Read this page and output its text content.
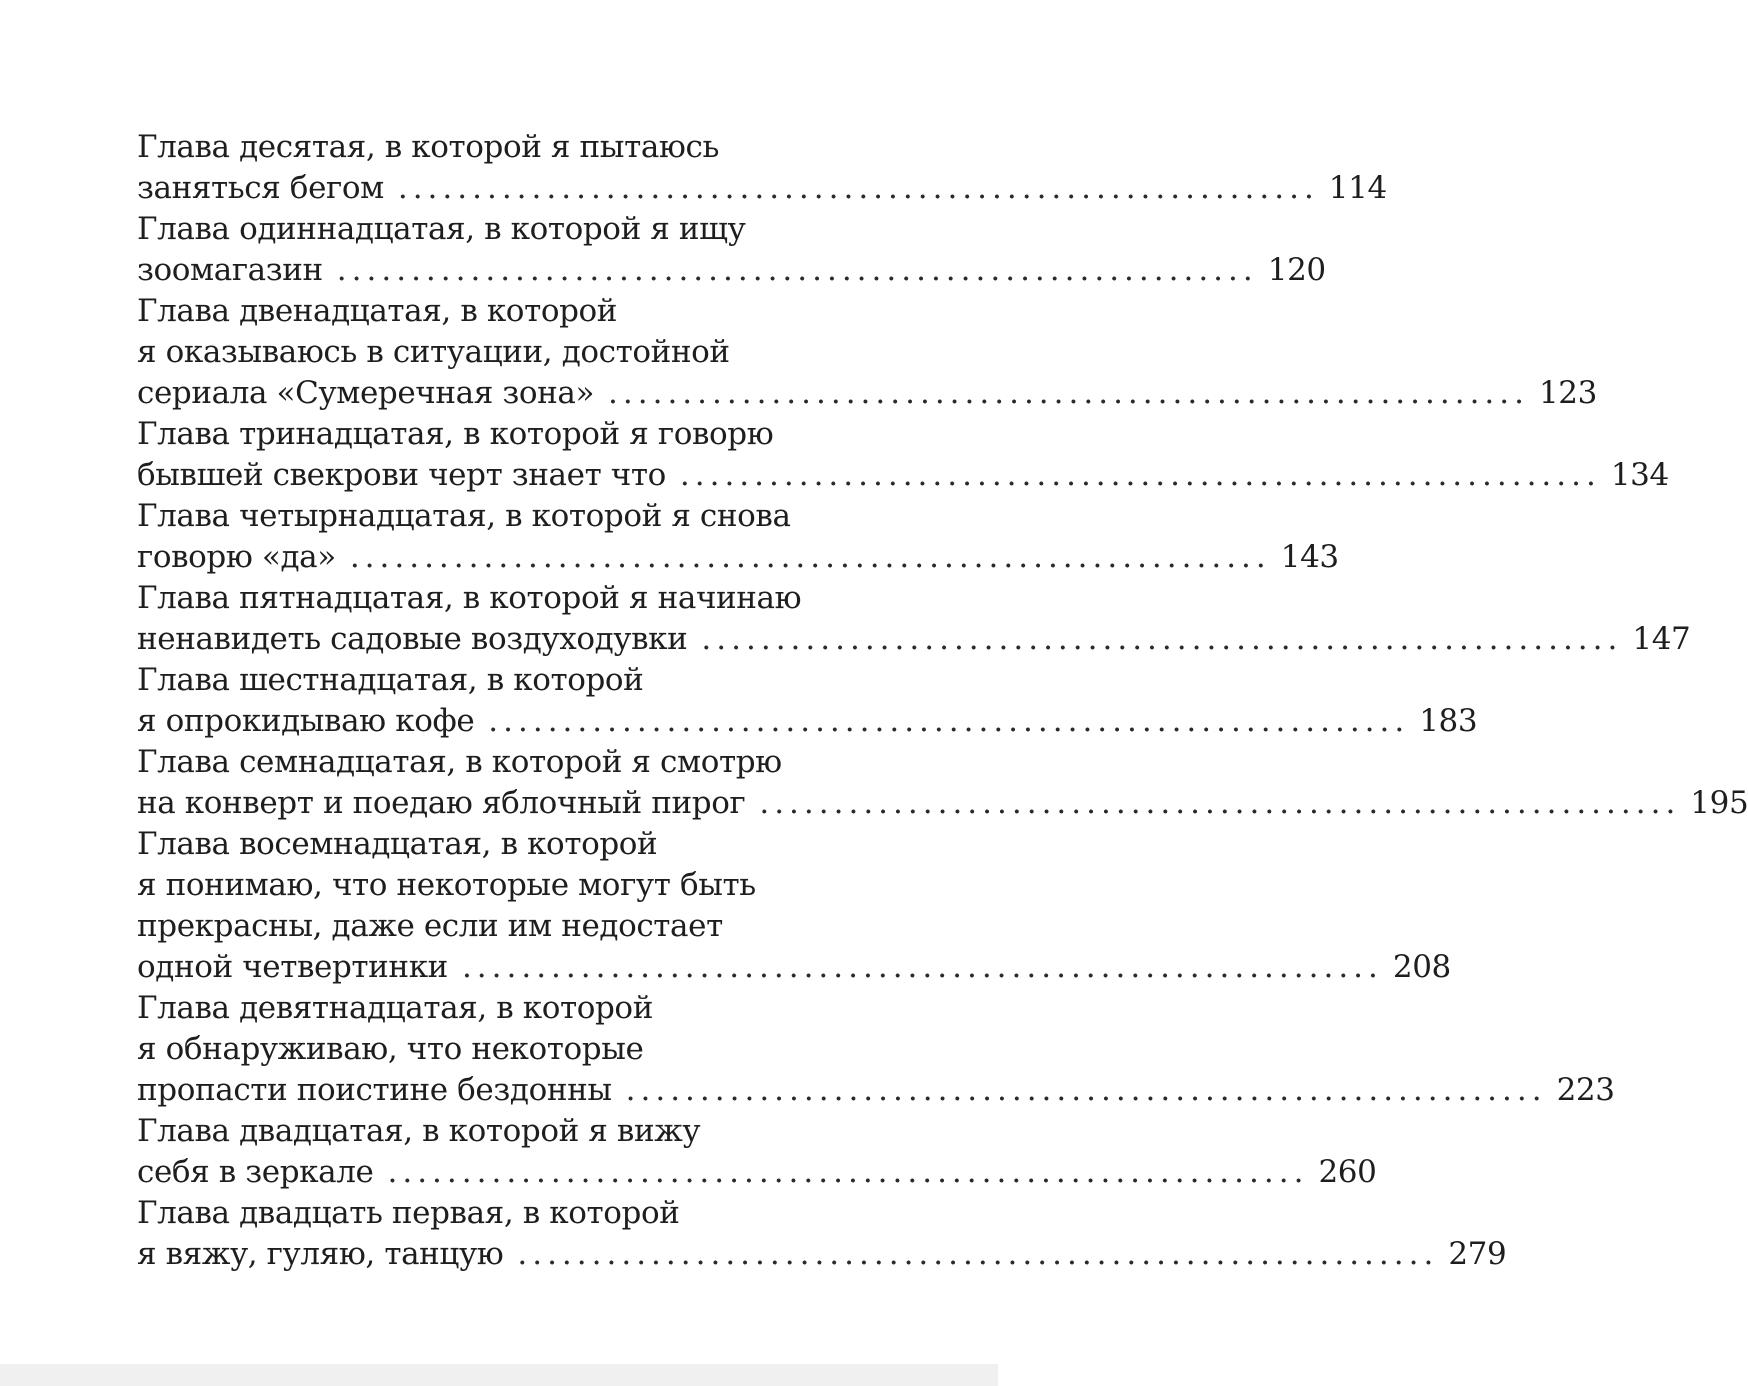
Глава десятая, в которой я пытаюсь
заняться бегом .............................................................. 114
Глава одиннадцатая, в которой я ищу
зоомагазин .............................................................. 120
Глава двенадцатая, в которой
я оказываюсь в ситуации, достойной
сериала «Сумеречная зона» .............................................................. 123
Глава тринадцатая, в которой я говорю
бывшей свекрови черт знает что .............................................................. 134
Глава четырнадцатая, в которой я снова
говорю «да» .............................................................. 143
Глава пятнадцатая, в которой я начинаю
ненавидеть садовые воздуходувки .............................................................. 147
Глава шестнадцатая, в которой
я опрокидываю кофе .............................................................. 183
Глава семнадцатая, в которой я смотрю
на конверт и поедаю яблочный пирог .............................................................. 195
Глава восемнадцатая, в которой
я понимаю, что некоторые могут быть
прекрасны, даже если им недостает
одной четвертинки .............................................................. 208
Глава девятнадцатая, в которой
я обнаруживаю, что некоторые
пропасти поистине бездонны .............................................................. 223
Глава двадцатая, в которой я вижу
себя в зеркале .............................................................. 260
Глава двадцать первая, в которой
я вяжу, гуляю, танцую .............................................................. 279
